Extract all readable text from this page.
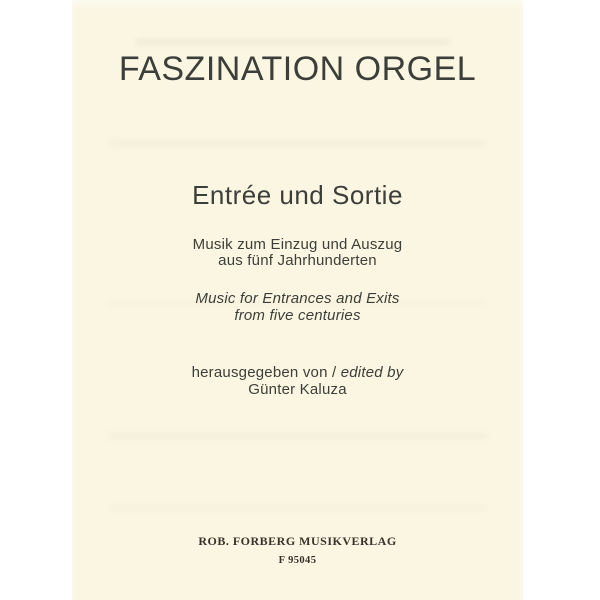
FASZINATION ORGEL
Entrée und Sortie
Musik zum Einzug und Auszug
aus fünf Jahrhunderten
Music for Entrances and Exits
from five centuries
herausgegeben von / edited by
Günter Kaluza
ROB. FORBERG MUSIKVERLAG
F 95045
